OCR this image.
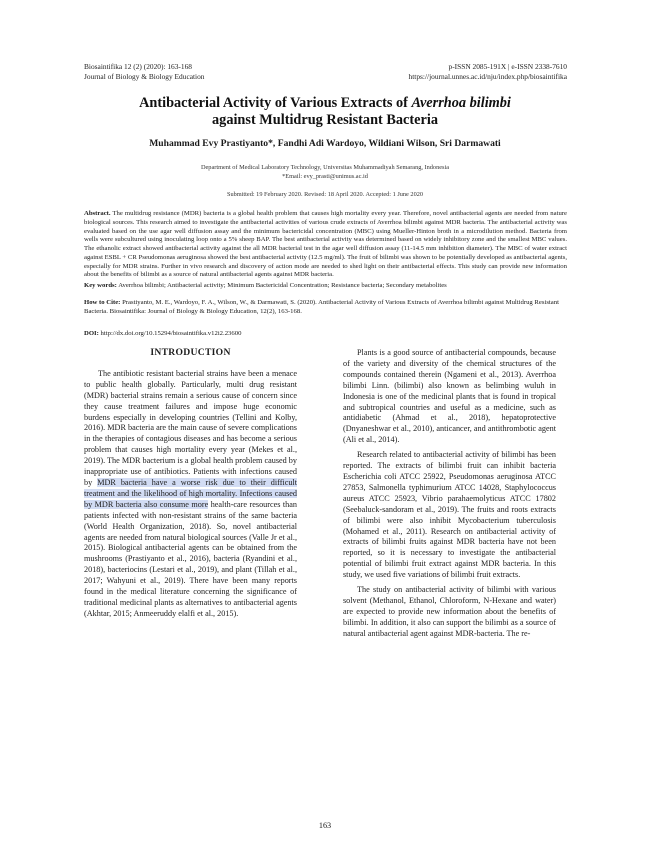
Biosaintifika 12 (2) (2020): 163-168
Journal of Biology & Biology Education
p-ISSN 2085-191X | e-ISSN 2338-7610
https://journal.unnes.ac.id/nju/index.php/biosaintifika
Antibacterial Activity of Various Extracts of Averrhoa bilimbi
against Multidrug Resistant Bacteria
Muhammad Evy Prastiyanto*, Fandhi Adi Wardoyo, Wildiani Wilson, Sri Darmawati
Department of Medical Laboratory Technology, Universitas Muhammadiyah Semarang, Indonesia
*Email: evy_prasti@unimus.ac.id
Submitted: 19 February 2020. Revised: 18 April 2020. Accepted: 1 June 2020
Abstract. The multidrug resistance (MDR) bacteria is a global health problem that causes high mortality every year. Therefore, novel antibacterial agents are needed from nature biological sources. This research aimed to investigate the antibacterial activities of various crude extracts of Averrhoa bilimbi against MDR bacteria. The antibacterial activity was evaluated based on the use agar well diffusion assay and the minimum bactericidal concentration (MBC) using Mueller-Hinton broth in a microdilution method. Bacteria from wells were subcultured using inoculating loop onto a 5% sheep BAP. The best antibacterial activity was determined based on widely inhibitory zone and the smallest MBC values. The ethanolic extract showed antibacterial activity against the all MDR bacterial test in the agar well diffusion assay (11-14.5 mm inhibition diameter). The MBC of water extract against ESBL + CR Pseudomonas aeruginosa showed the best antibacterial activity (12.5 mg/ml). The fruit of bilimbi was shown to be potentially developed as antibacterial agents, especially for MDR strains. Further in vivo research and discovery of action mode are needed to shed light on their antibacterial effects. This study can provide new information about the benefits of bilimbi as a source of natural antibacterial agents against MDR bacteria.
Key words: Averrhoa bilimbi; Antibacterial activity; Minimum Bactericidal Concentration; Resistance bacteria; Secondary metabolites
How to Cite: Prastiyanto, M. E., Wardoyo, F. A., Wilson, W., & Darmawati, S. (2020). Antibacterial Activity of Various Extracts of Averrhoa bilimbi against Multidrug Resistant Bacteria. Biosaintifika: Journal of Biology & Biology Education, 12(2), 163-168.
DOI: http://dx.doi.org/10.15294/biosaintifika.v12i2.23600
INTRODUCTION

The antibiotic resistant bacterial strains have been a menace to public health globally. Particularly, multi drug resistant (MDR) bacterial strains remain a serious cause of concern since they cause treatment failures and impose huge economic burdens especially in developing countries (Tellini and Kolby, 2016). MDR bacteria are the main cause of severe complications in the therapies of contagious diseases and has become a serious problem that causes high mortality every year (Mekes et al., 2019). The MDR bacterium is a global health problem caused by inappropriate use of antibiotics. Patients with infections caused by MDR bacteria have a worse risk due to their difficult treatment and the likelihood of high mortality. Infections caused by MDR bacteria also consume more health-care resources than patients infected with non-resistant strains of the same bacteria (World Health Organization, 2018). So, novel antibacterial agents are needed from natural biological sources (Valle Jr et al., 2015). Biological antibacterial agents can be obtained from the mushrooms (Prastiyanto et al., 2016), bacteria (Ryandini et al., 2018), bacteriocins (Lestari et al., 2019), and plant (Tillah et al., 2017; Wahyuni et al., 2019). There have been many reports found in the medical literature concerning the significance of traditional medicinal plants as alternatives to antibacterial agents (Akhtar, 2015; Anmeeruddy elalfi et al., 2015).

Plants is a good source of antibacterial compounds, because of the variety and diversity of the chemical structures of the compounds contained therein (Ngameni et al., 2013). Averrhoa bilimbi Linn. (bilimbi) also known as belimbing wuluh in Indonesia is one of the medicinal plants that is found in tropical and subtropical countries and useful as a medicine, such as antidiabetic (Ahmad et al., 2018), hepatoprotective (Dnyaneshwar et al., 2010), anticancer, and antithrombotic agent (Ali et al., 2014).

Research related to antibacterial activity of bilimbi has been reported. The extracts of bilimbi fruit can inhibit bacteria Escherichia coli ATCC 25922, Pseudomonas aeruginosa ATCC 27853, Salmonella typhimurium ATCC 14028, Staphylococcus aureus ATCC 25923, Vibrio parahaemolyticus ATCC 17802 (Seebaluck-sandoram et al., 2019). The fruits and roots extracts of bilimbi were also inhibit Mycobacterium tuberculosis (Mohamed et al., 2011). Research on antibacterial activity of extracts of bilimbi fruits against MDR bacteria have not been reported, so it is necessary to investigate the antibacterial potential of bilimbi fruit extract against MDR bacteria. In this study, we used five variations of bilimbi fruit extracts.

The study on antibacterial activity of bilimbi with various solvent (Methanol, Ethanol, Chloroform, N-Hexane and water) are expected to provide new information about the benefits of bilimbi. In addition, it also can support the bilimbi as a source of natural antibacterial agent against MDR-bacteria. The re-

163
